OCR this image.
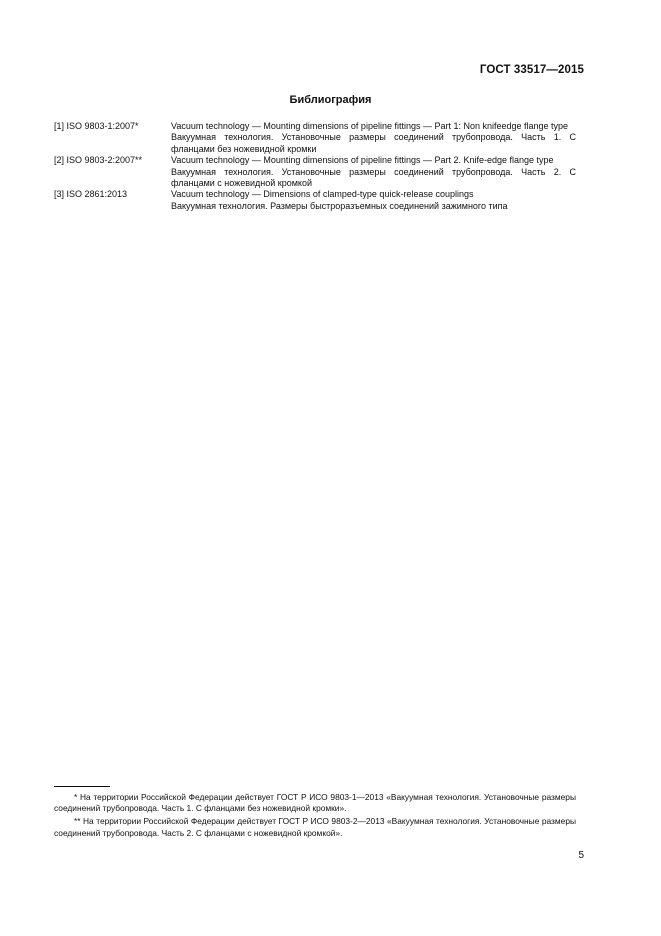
ГОСТ 33517—2015
Библиография
[1] ISO 9803-1:2007*	Vacuum technology — Mounting dimensions of pipeline fittings — Part 1: Non knifeedge flange type
Вакуумная технология. Установочные размеры соединений трубопровода. Часть 1. С фланцами без ножевидной кромки
[2] ISO 9803-2:2007**	Vacuum technology — Mounting dimensions of pipeline fittings — Part 2. Knife-edge flange type
Вакуумная технология. Установочные размеры соединений трубопровода. Часть 2. С фланцами с ножевидной кромкой
[3] ISO 2861:2013	Vacuum technology — Dimensions of clamped-type quick-release couplings
Вакуумная технология. Размеры быстроразъемных соединений зажимного типа
* На территории Российской Федерации действует ГОСТ Р ИСО 9803-1—2013 «Вакуумная технология. Установочные размеры соединений трубопровода. Часть 1. С фланцами без ножевидной кромки».
** На территории Российской Федерации действует ГОСТ Р ИСО 9803-2—2013 «Вакуумная технология. Установочные размеры соединений трубопровода. Часть 2. С фланцами с ножевидной кромкой».
5
